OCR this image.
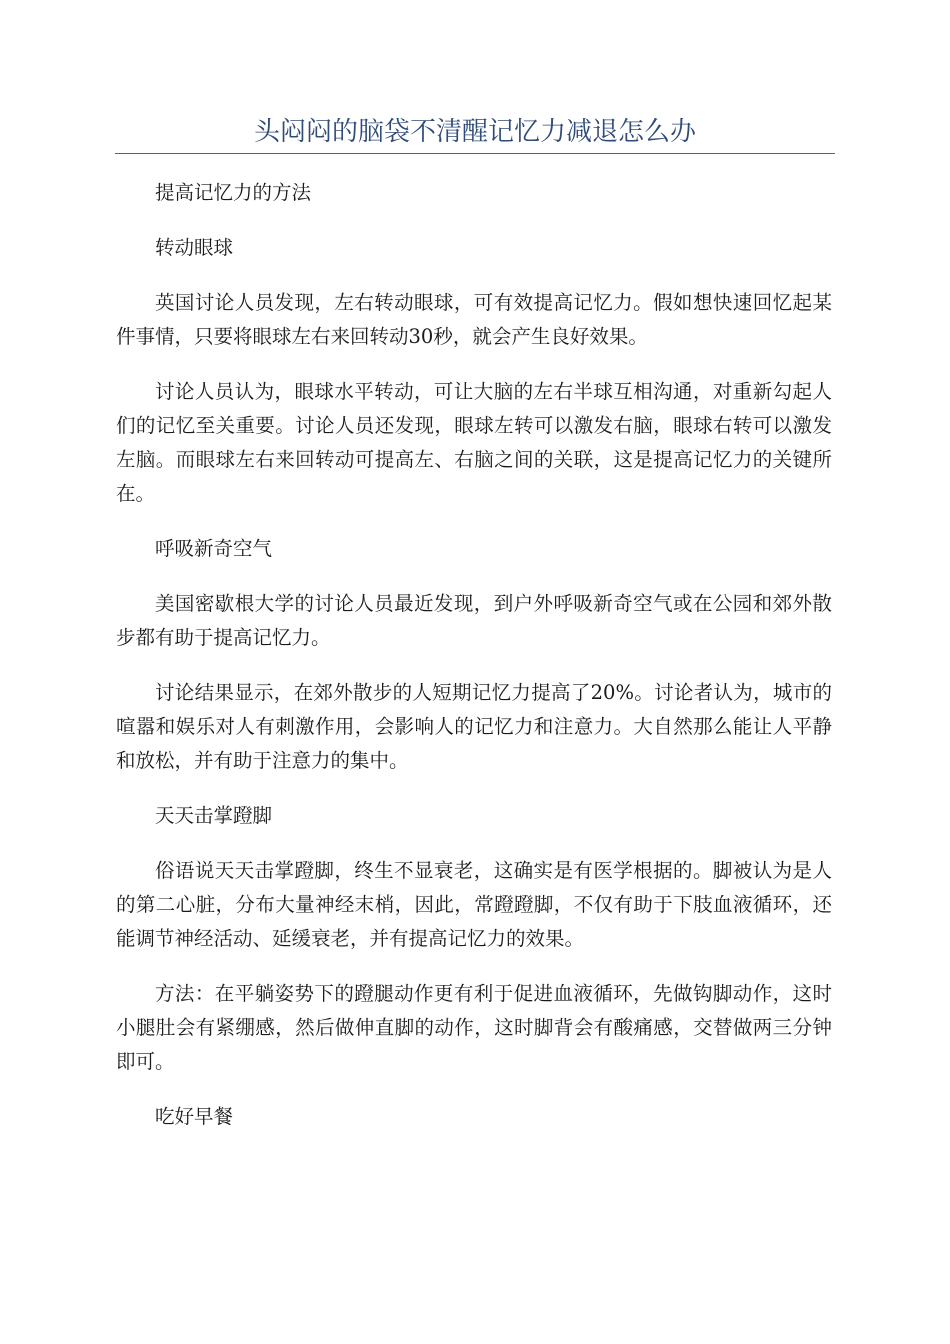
头闷闷的脑袋不清醒记忆力减退怎么办

提高记忆力的方法

转动眼球

英国讨论人员发现，左右转动眼球，可有效提高记忆力。假如想快速回忆起某件事情，只要将眼球左右来回转动30秒，就会产生良好效果。

讨论人员认为，眼球水平转动，可让大脑的左右半球互相沟通，对重新勾起人们的记忆至关重要。讨论人员还发现，眼球左转可以激发右脑，眼球右转可以激发左脑。而眼球左右来回转动可提高左、右脑之间的关联，这是提高记忆力的关键所在。

呼吸新奇空气

美国密歇根大学的讨论人员最近发现，到户外呼吸新奇空气或在公园和郊外散步都有助于提高记忆力。

讨论结果显示，在郊外散步的人短期记忆力提高了20%。讨论者认为，城市的喧嚣和娱乐对人有刺激作用，会影响人的记忆力和注意力。大自然那么能让人平静和放松，并有助于注意力的集中。

天天击掌蹬脚

俗语说天天击掌蹬脚，终生不显衰老，这确实是有医学根据的。脚被认为是人的第二心脏，分布大量神经末梢，因此，常蹬蹬脚，不仅有助于下肢血液循环，还能调节神经活动、延缓衰老，并有提高记忆力的效果。

方法：在平躺姿势下的蹬腿动作更有利于促进血液循环，先做钩脚动作，这时小腿肚会有紧绷感，然后做伸直脚的动作，这时脚背会有酸痛感，交替做两三分钟即可。

吃好早餐
